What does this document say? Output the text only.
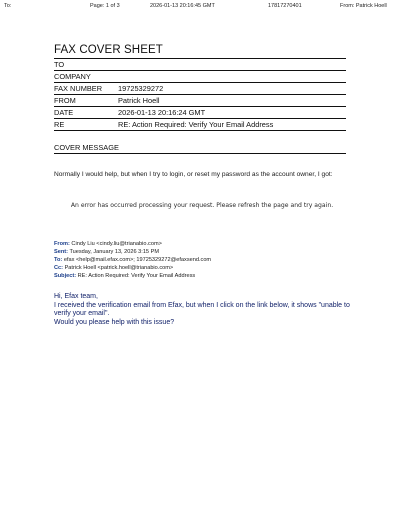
To:	Page: 1 of 3	2026-01-13 20:16:45 GMT	17817270401	From: Patrick Hoell
FAX COVER SHEET
TO	
COMPANY	
FAX NUMBER	19725329272
FROM	Patrick Hoell
DATE	2026-01-13 20:16:24 GMT
RE	RE: Action Required: Verify Your Email Address
COVER MESSAGE
Normally I would help, but when I try to login, or reset my password as the account owner, I got:
An error has occurred processing your request. Please refresh the page and try again.
From: Cindy Liu <cindy.liu@trianabio.com>
Sent: Tuesday, January 13, 2026 3:15 PM
To: efax <help@mail.efax.com>; 19725329272@efaxsend.com
Cc: Patrick Hoell <patrick.hoell@trianabio.com>
Subject: RE: Action Required: Verify Your Email Address

Hi, Efax team,

I received the verification email from Efax, but when I click on the link below, it shows "unable to verify your email".

Would you please help with this issue?
